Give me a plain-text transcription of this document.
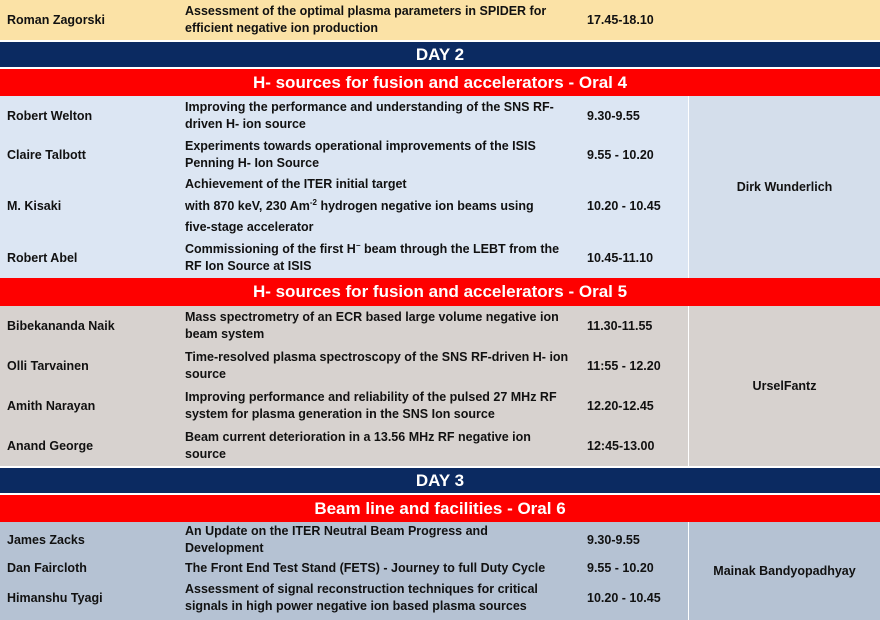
Roman Zagorski
Assessment of the optimal plasma parameters in SPIDER for
efficient negative ion production
17.45-18.10
DAY 2
H- sources for fusion and accelerators - Oral 4
Dirk Wunderlich
Robert Welton
Improving the performance and understanding of the SNS RF-
driven H- ion source
9.30-9.55
Claire Talbott
Experiments towards operational improvements of the ISIS
Penning H- Ion Source
9.55 - 10.20
M. Kisaki
Achievement of the ITER initial target
with 870 keV, 230 $Am^{-2}$ hydrogen negative ion beams using
five-stage accelerator
10.20 - 10.45
Robert Abel
Commissioning of the first H− beam through the LEBT from the
RF Ion Source at ISIS
10.45-11.10
H- sources for fusion and accelerators - Oral 5
UrselFantz
Bibekananda Naik
Mass spectrometry of an ECR based large volume negative ion
beam system
11.30-11.55
Olli Tarvainen
Time-resolved plasma spectroscopy of the SNS RF-driven H- ion
source
11:55 - 12.20
Amith Narayan
Improving performance and reliability of the pulsed 27 MHz RF
system for plasma generation in the SNS Ion source
12.20-12.45
Anand George
Beam current deterioration in a 13.56 MHz RF negative ion
source
12:45-13.00
DAY 3
Beam line and facilities - Oral 6
Mainak Bandyopadhyay
James Zacks
An Update on the ITER Neutral Beam Progress and
Development
9.30-9.55
Dan Faircloth	The Front End Test Stand (FETS) - Journey to full Duty Cycle	9.55 - 10.20
Himanshu Tyagi
Assessment of signal reconstruction techniques for critical
signals in high power negative ion based plasma sources
10.20 - 10.45
